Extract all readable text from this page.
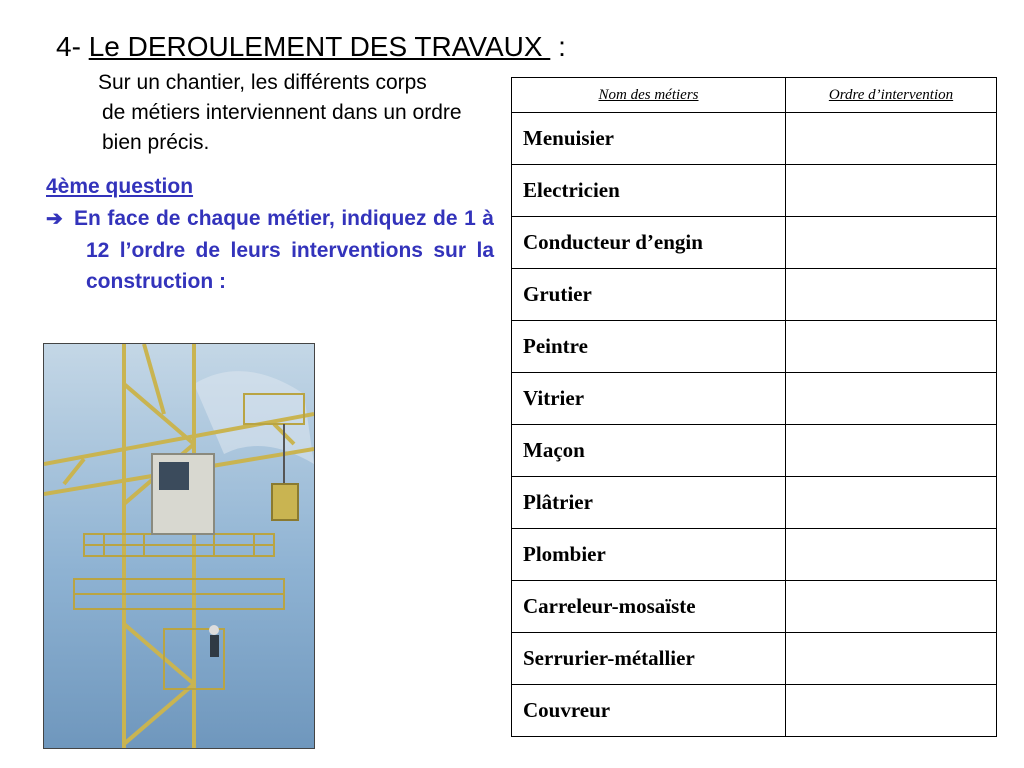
4- Le DEROULEMENT DES TRAVAUX :
Sur un chantier, les différents corps
de métiers interviennent dans un ordre
bien précis.
4ème question
➔ En face de chaque métier, indiquez de 1 à 12 l’ordre de leurs interventions sur la construction :
Nom des métiers	Ordre d’intervention
Menuisier	
Electricien	
Conducteur d’engin	
Grutier	
Peintre	
Vitrier	
Maçon	
Plâtrier	
Plombier	
Carreleur-mosaïste	
Serrurier-métallier	
Couvreur	
